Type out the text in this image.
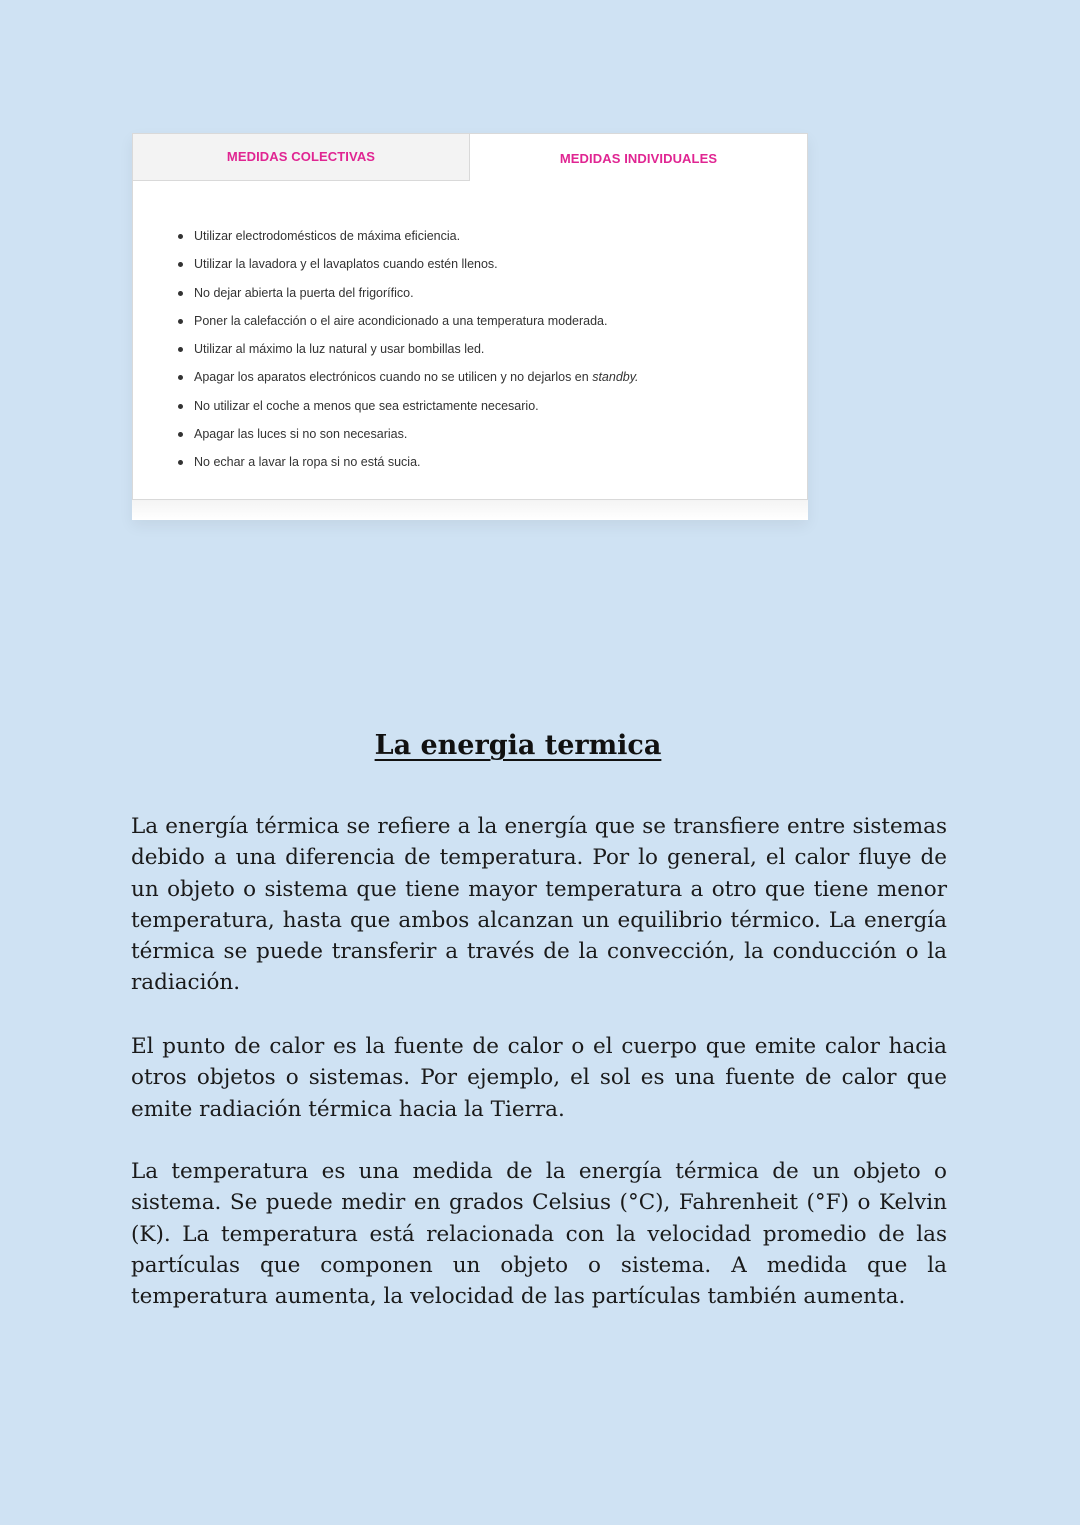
MEDIDAS COLECTIVAS	MEDIDAS INDIVIDUALES
Utilizar electrodomésticos de máxima eficiencia.
Utilizar la lavadora y el lavaplatos cuando estén llenos.
No dejar abierta la puerta del frigorífico.
Poner la calefacción o el aire acondicionado a una temperatura moderada.
Utilizar al máximo la luz natural y usar bombillas led.
Apagar los aparatos electrónicos cuando no se utilicen y no dejarlos en standby.
No utilizar el coche a menos que sea estrictamente necesario.
Apagar las luces si no son necesarias.
No echar a lavar la ropa si no está sucia.
La energia termica

La energía térmica se refiere a la energía que se transfiere entre sistemas debido a una diferencia de temperatura. Por lo general, el calor fluye de un objeto o sistema que tiene mayor temperatura a otro que tiene menor temperatura, hasta que ambos alcanzan un equilibrio térmico. La energía térmica se puede transferir a través de la convección, la conducción o la radiación.

El punto de calor es la fuente de calor o el cuerpo que emite calor hacia otros objetos o sistemas. Por ejemplo, el sol es una fuente de calor que emite radiación térmica hacia la Tierra.

La temperatura es una medida de la energía térmica de un objeto o sistema. Se puede medir en grados Celsius (°C), Fahrenheit (°F) o Kelvin (K). La temperatura está relacionada con la velocidad promedio de las partículas que componen un objeto o sistema. A medida que la temperatura aumenta, la velocidad de las partículas también aumenta.
